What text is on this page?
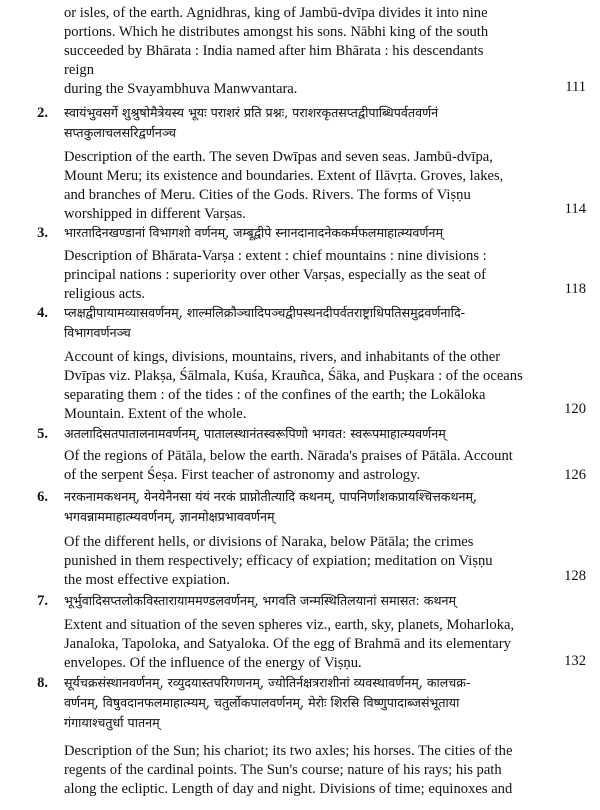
or isles, of the earth. Agnidhras, king of Jambū-dvīpa divides it into nine
portions. Which he distributes amongst his sons. Nābhi king of the south
succeeded by Bhārata : India named after him Bhārata : his descendants
reign
during the Svayambhuva Manwvantara.	111
2. स्वायंभुवसर्गे शुश्रुषोमैत्रेयस्य भूयः पराशरं प्रति प्रश्नः, पराशरकृतसप्तद्वीपाब्धिपर्वतवर्णनं
सप्तकुलाचलसरिद्वर्णनञ्च
Description of the earth. The seven Dwīpas and seven seas. Jambū-dvīpa,
Mount Meru; its existence and boundaries. Extent of Ilāvṛta. Groves, lakes,
and branches of Meru. Cities of the Gods. Rivers. The forms of Viṣṇu
worshipped in different Varṣas.	114
3. भारतादिनखण्डानां विभागशो वर्णनम्, जम्बूद्वीपे स्नानदानादनेककर्मफलमाहात्म्यवर्णनम्
Description of Bhārata-Varṣa : extent : chief mountains : nine divisions :
principal nations : superiority over other Varṣas, especially as the seat of
religious acts.	118
4. प्लक्षद्वीपायामव्यासवर्णनम्, शाल्मलिक्रौञ्चादिपञ्चद्वीपस्थनदीपर्वतराष्ट्राधिपतिसमुद्रवर्णनादि-
विभागवर्णनञ्च
Account of kings, divisions, mountains, rivers, and inhabitants of the other
Dvīpas viz. Plakṣa, Śālmala, Kuśa, Krauñca, Śāka, and Puṣkara : of the oceans
separating them : of the tides : of the confines of the earth; the Lokāloka
Mountain. Extent of the whole.	120
5. अतलादिसतपातालनामवर्णनम्, पातालस्थानंतस्वरूपिणो भगवत: स्वरूपमाहात्म्यवर्णनम्
Of the regions of Pātāla, below the earth. Nārada's praises of Pātāla. Account
of the serpent Śeṣa. First teacher of astronomy and astrology.	126
6. नरकनामकथनम्, येनयेनैनसा यंयं नरकं प्राप्नोतीत्यादि कथनम्, पापनिर्णाशकप्रायश्चित्तकथनम्,
भगवन्नाममाहात्म्यवर्णनम्, ज्ञानमोक्षप्रभाववर्णनम्
Of the different hells, or divisions of Naraka, below Pātāla; the crimes
punished in them respectively; efficacy of expiation; meditation on Viṣṇu
the most effective expiation.	128
7. भूर्भुवादिसप्तलोकविस्तारायाममण्डलवर्णनम्, भगवति जन्मस्थितिलयानां समासत: कथनम्
Extent and situation of the seven spheres viz., earth, sky, planets, Moharloka,
Janaloka, Tapoloka, and Satyaloka. Of the egg of Brahmā and its elementary
envelopes. Of the influence of the energy of Viṣṇu.	132
8. सूर्यचक्रसंस्थानवर्णनम्, रव्युदयास्तपरिगणनम्, ज्योतिर्नक्षत्रराशीनां व्यवस्थावर्णनम्, कालचक्र-
वर्णनम्, विषुवदानफलमाहात्म्यम्, चतुर्लोकपालवर्णनम्, मेरोः शिरसि विष्णुपादाब्जसंभूताया
गंगायाश्चतुर्धा पातनम्
Description of the Sun; his chariot; its two axles; his horses. The cities of the
regents of the cardinal points. The Sun's course; nature of his rays; his path
along the ecliptic. Length of day and night. Divisions of time; equinoxes and
